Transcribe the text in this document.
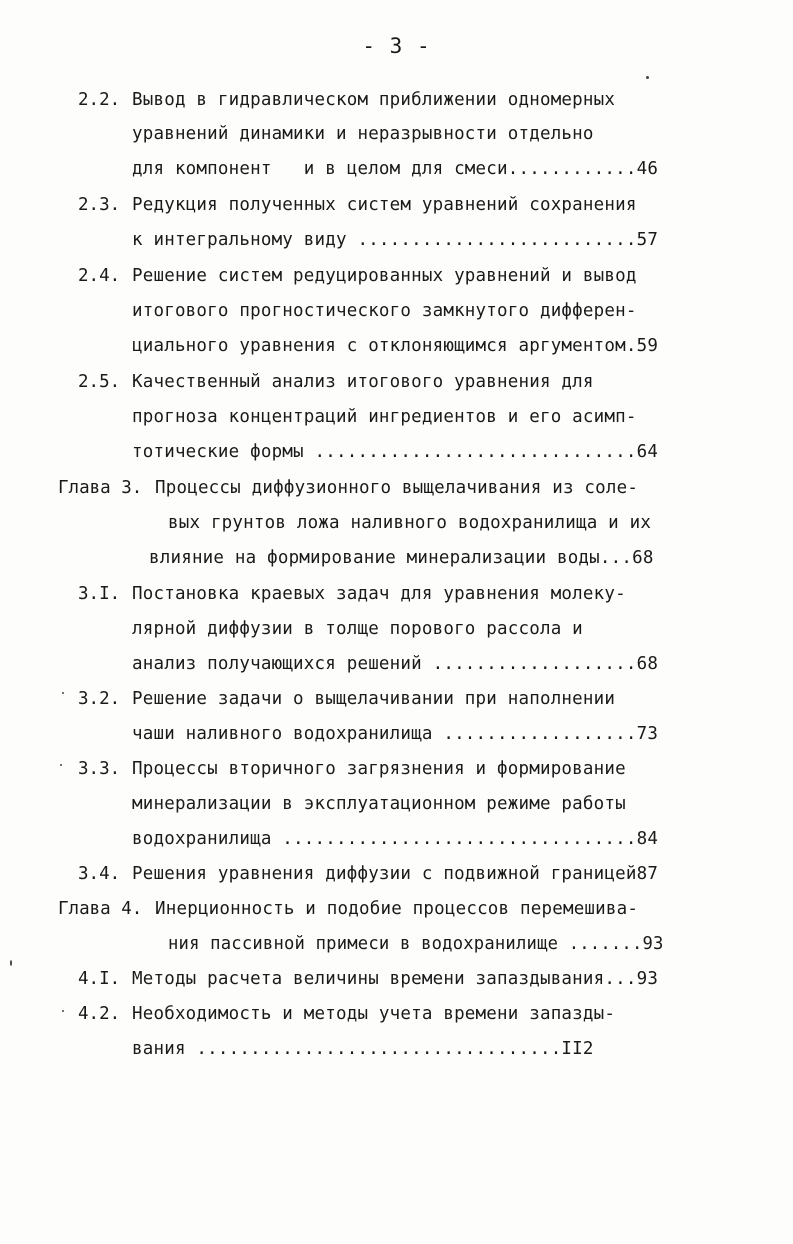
- 3 -
2.2. Вывод в гидравлическом приближении одномерных
уравнений динамики и неразрывности отдельно
для компонент   и в целом для смеси............46
2.3. Редукция полученных систем уравнений сохранения
к интегральному виду ..........................57
2.4. Решение систем редуцированных уравнений и вывод
итогового прогностического замкнутого дифферен-
циального уравнения с отклоняющимся аргументом.59
2.5. Качественный анализ итогового уравнения для
прогноза концентраций ингредиентов и его асимп-
тотические формы ..............................64
Глава 3. Процессы диффузионного выщелачивания из соле-
вых грунтов ложа наливного водохранилища и их
влияние на формирование минерализации воды...68
3.I. Постановка краевых задач для уравнения молеку-
лярной диффузии в толще порового рассола и
анализ получающихся решений ...................68
3.2. Решение задачи о выщелачивании при наполнении
чаши наливного водохранилища ..................73
3.3. Процессы вторичного загрязнения и формирование
минерализации в эксплуатационном режиме работы
водохранилища .................................84
3.4. Решения уравнения диффузии с подвижной границей87
Глава 4. Инерционность и подобие процессов перемешива-
ния пассивной примеси в водохранилище .......93
4.I. Методы расчета величины времени запаздывания...93
4.2. Необходимость и методы учета времени запазды-
вания ..................................II2
